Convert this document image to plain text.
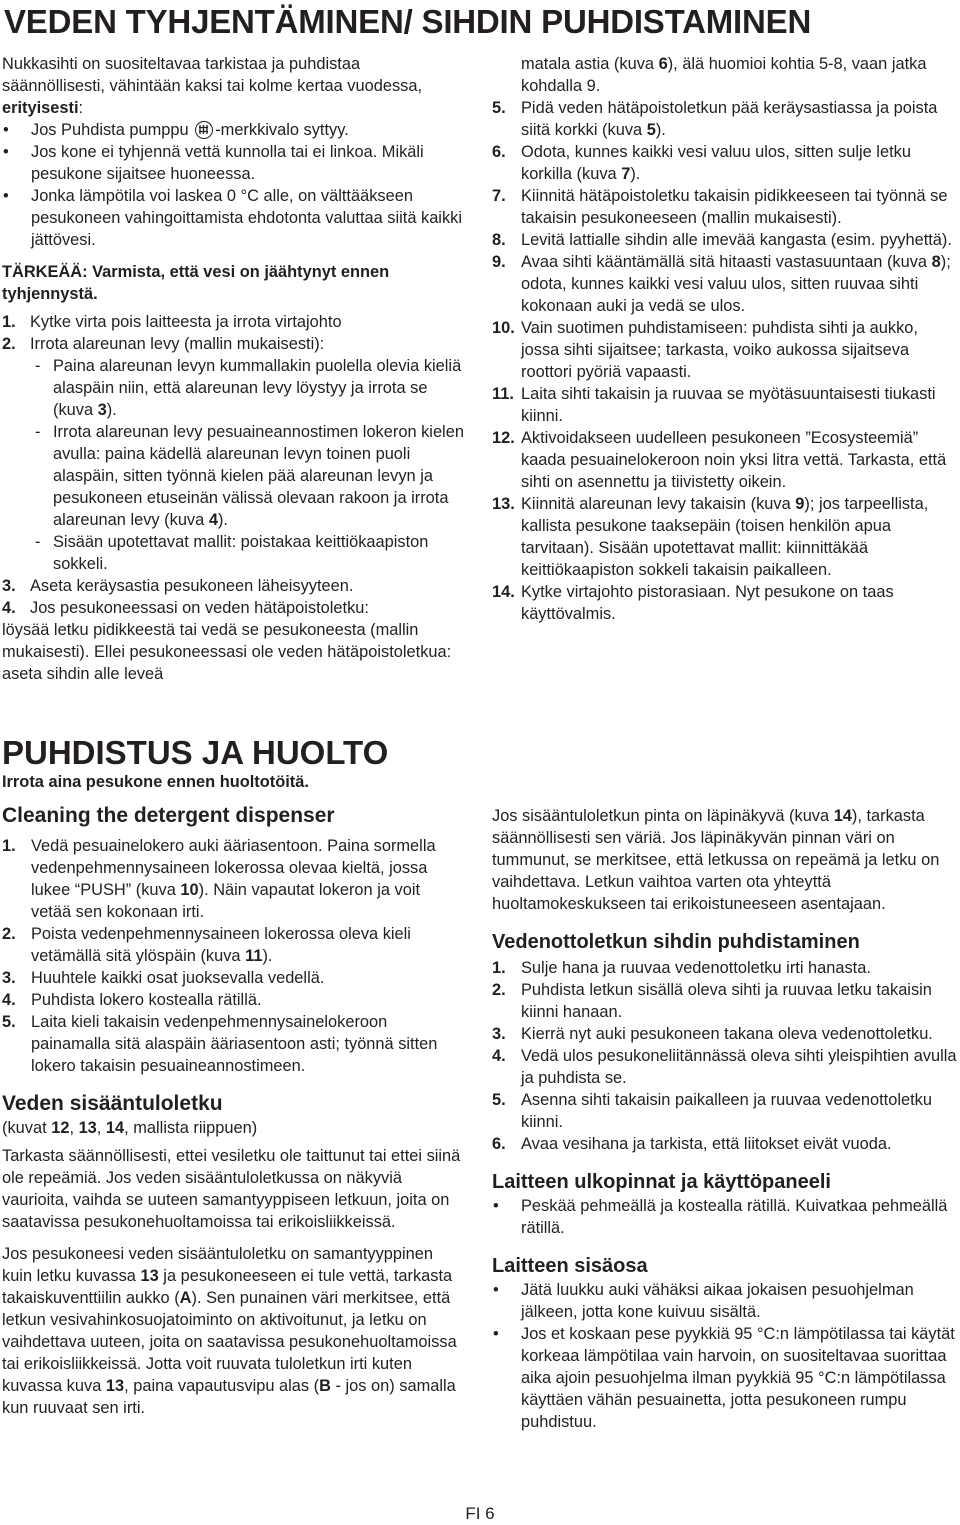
VEDEN TYHJENTÄMINEN/ SIHDIN PUHDISTAMINEN

Nukkasihti on suositeltavaa tarkistaa ja puhdistaa säännöllisesti, vähintään kaksi tai kolme kertaa vuodessa, erityisesti:

• Jos Puhdista pumppu -merkkivalo syttyy.

• Jos kone ei tyhjennä vettä kunnolla tai ei linkoa. Mikäli pesukone sijaitsee huoneessa.

• Jonka lämpötila voi laskea 0 °C alle, on välttääkseen pesukoneen vahingoittamista ehdotonta valuttaa siitä kaikki jättövesi.

TÄRKEÄÄ: Varmista, että vesi on jäähtynyt ennen tyhjennystä.

1. Kytke virta pois laitteesta ja irrota virtajohto

2. Irrota alareunan levy (mallin mukaisesti):

- Paina alareunan levyn kummallakin puolella olevia kieliä alaspäin niin, että alareunan levy löystyy ja irrota se (kuva 3).

- Irrota alareunan levy pesuaineannostimen lokeron kielen avulla: paina kädellä alareunan levyn toinen puoli alaspäin, sitten työnnä kielen pää alareunan levyn ja pesukoneen etuseinän välissä olevaan rakoon ja irrota alareunan levy (kuva 4).

- Sisään upotettavat mallit: poistakaa keittiökaapiston sokkeli.

3. Aseta keräysastia pesukoneen läheisyyteen.

4. Jos pesukoneessasi on veden hätäpoistoletku:

löysää letku pidikkeestä tai vedä se pesukoneesta (mallin mukaisesti). Ellei pesukoneessasi ole veden hätäpoistoletkua: aseta sihdin alle leveä

PUHDISTUS JA HUOLTO

Irrota aina pesukone ennen huoltotöitä.

Cleaning the detergent dispenser

1. Vedä pesuainelokero auki ääriasentoon. Paina sormella vedenpehmennysaineen lokerossa olevaa kieltä, jossa lukee “PUSH” (kuva 10). Näin vapautat lokeron ja voit vetää sen kokonaan irti.

2. Poista vedenpehmennysaineen lokerossa oleva kieli vetämällä sitä ylöspäin (kuva 11).

3. Huuhtele kaikki osat juoksevalla vedellä.

4. Puhdista lokero kostealla rätillä.

5. Laita kieli takaisin vedenpehmennysainelokeroon painamalla sitä alaspäin ääriasentoon asti; työnnä sitten lokero takaisin pesuaineannostimeen.

Veden sisääntuloletku

(kuvat 12, 13, 14, mallista riippuen)

Tarkasta säännöllisesti, ettei vesiletku ole taittunut tai ettei siinä ole repeämiä. Jos veden sisääntuloletkussa on näkyviä vaurioita, vaihda se uuteen samantyyppiseen letkuun, joita on saatavissa pesukonehuoltamoissa tai erikoisliikkeissä.

Jos pesukoneesi veden sisääntuloletku on samantyyppinen kuin letku kuvassa 13 ja pesukoneeseen ei tule vettä, tarkasta takaiskuventtiilin aukko (A). Sen punainen väri merkitsee, että letkun vesivahinkosuojatoiminto on aktivoitunut, ja letku on vaihdettava uuteen, joita on saatavissa pesukonehuoltamoissa tai erikoisliikkeissä. Jotta voit ruuvata tuloletkun irti kuten kuvassa kuva 13, paina vapautusvipu alas (B - jos on) samalla kun ruuvaat sen irti.

matala astia (kuva 6), älä huomioi kohtia 5-8, vaan jatka kohdalla 9.

5. Pidä veden hätäpoistoletkun pää keräysastiassa ja poista siitä korkki (kuva 5).

6. Odota, kunnes kaikki vesi valuu ulos, sitten sulje letku korkilla (kuva 7).

7. Kiinnitä hätäpoistoletku takaisin pidikkeeseen tai työnnä se takaisin pesukoneeseen (mallin mukaisesti).

8. Levitä lattialle sihdin alle imevää kangasta (esim. pyyhettä).

9. Avaa sihti kääntämällä sitä hitaasti vastasuuntaan (kuva 8); odota, kunnes kaikki vesi valuu ulos, sitten ruuvaa sihti kokonaan auki ja vedä se ulos.

10. Vain suotimen puhdistamiseen: puhdista sihti ja aukko, jossa sihti sijaitsee; tarkasta, voiko aukossa sijaitseva roottori pyöriä vapaasti.

11. Laita sihti takaisin ja ruuvaa se myötäsuuntaisesti tiukasti kiinni.

12. Aktivoidakseen uudelleen pesukoneen ”Ecosysteemiä” kaada pesuainelokeroon noin yksi litra vettä. Tarkasta, että sihti on asennettu ja tiivistetty oikein.

13. Kiinnitä alareunan levy takaisin (kuva 9); jos tarpeellista, kallista pesukone taaksepäin (toisen henkilön apua tarvitaan). Sisään upotettavat mallit: kiinnittäkää keittiökaapiston sokkeli takaisin paikalleen.

14. Kytke virtajohto pistorasiaan. Nyt pesukone on taas käyttövalmis.

Jos sisääntuloletkun pinta on läpinäkyvä (kuva 14), tarkasta säännöllisesti sen väriä. Jos läpinäkyvän pinnan väri on tummunut, se merkitsee, että letkussa on repeämä ja letku on vaihdettava. Letkun vaihtoa varten ota yhteyttä huoltamokeskukseen tai erikoistuneeseen asentajaan.

Vedenottoletkun sihdin puhdistaminen

1. Sulje hana ja ruuvaa vedenottoletku irti hanasta.

2. Puhdista letkun sisällä oleva sihti ja ruuvaa letku takaisin kiinni hanaan.

3. Kierrä nyt auki pesukoneen takana oleva vedenottoletku.

4. Vedä ulos pesukoneliitännässä oleva sihti yleispihtien avulla ja puhdista se.

5. Asenna sihti takaisin paikalleen ja ruuvaa vedenottoletku kiinni.

6. Avaa vesihana ja tarkista, että liitokset eivät vuoda.

Laitteen ulkopinnat ja käyttöpaneeli

• Peskää pehmeällä ja kostealla rätillä. Kuivatkaa pehmeällä rätillä.

Laitteen sisäosa

• Jätä luukku auki vähäksi aikaa jokaisen pesuohjelman jälkeen, jotta kone kuivuu sisältä.

• Jos et koskaan pese pyykkiä 95 °C:n lämpötilassa tai käytät korkeaa lämpötilaa vain harvoin, on suositeltavaa suorittaa aika ajoin pesuohjelma ilman pyykkiä 95 °C:n lämpötilassa käyttäen vähän pesuainetta, jotta pesukoneen rumpu puhdistuu.

FI 6
